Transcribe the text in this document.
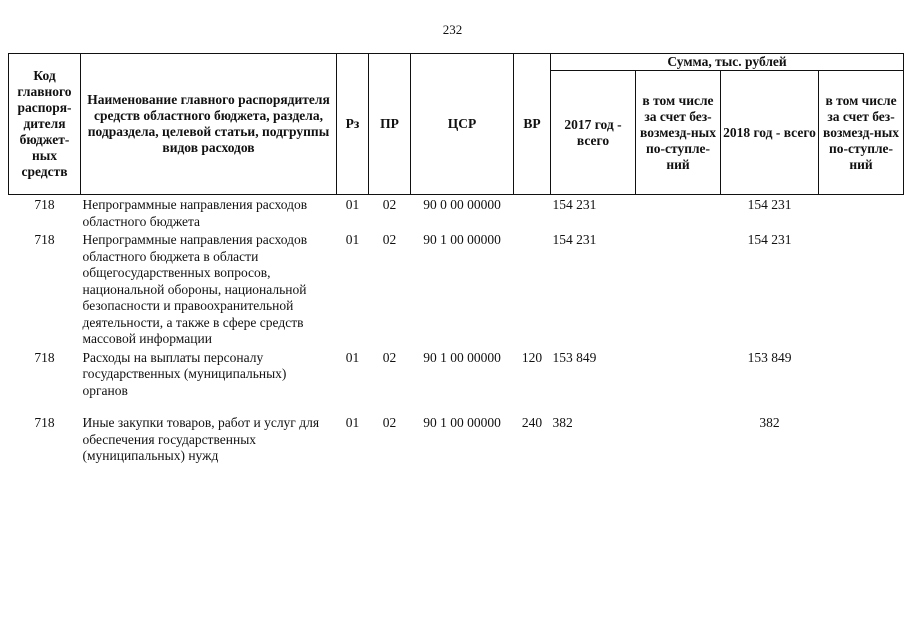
232
Код главного распоря-дителя бюджет-ных средств	Наименование главного распорядителя средств областного бюджета, раздела, подраздела, целевой статьи, подгруппы видов расходов	Рз	ПР	ЦСР	ВР	Сумма, тыс. рублей			
						2017 год - всего	в том числе за счет без-возмезд-ных по-ступле-ний	2018 год - всего	в том числе за счет без-возмезд-ных по-ступле-ний
718	Непрограммные направления расходов областного бюджета	01	02	90 0 00 00000		154 231		154 231	
718	Непрограммные направления расходов областного бюджета в области общегосударственных вопросов, национальной обороны, национальной безопасности и правоохранительной деятельности, а также в сфере средств массовой информации	01	02	90 1 00 00000		154 231		154 231	
718	Расходы на выплаты персоналу государственных (муниципальных) органов	01	02	90 1 00 00000	120	153 849		153 849	
718	Иные закупки товаров, работ и услуг для обеспечения государственных (муниципальных) нужд	01	02	90 1 00 00000	240	382		382	
